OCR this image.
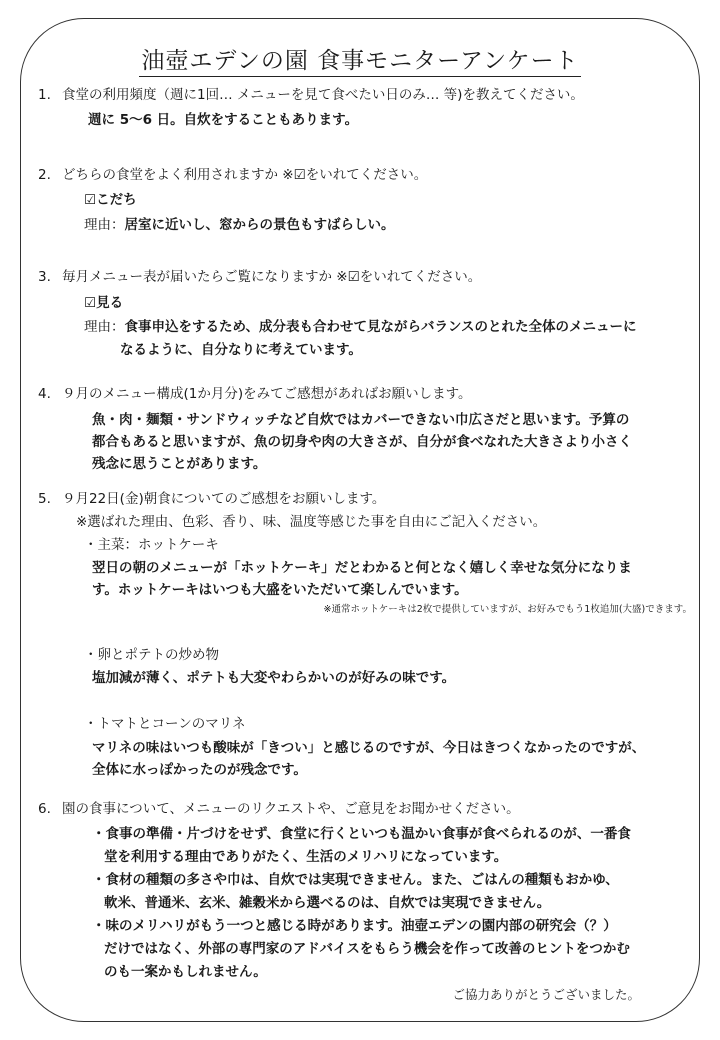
油壺エデンの園 食事モニターアンケート
1. 食堂の利用頻度（週に1回… メニューを見て食べたい日のみ… 等)を教えてください。
週に 5～6 日。自炊をすることもあります。
2. どちらの食堂をよく利用されますか ※☑をいれてください。
☑こだち
理由：居室に近いし、窓からの景色もすばらしい。
3. 毎月メニュー表が届いたらご覧になりますか ※☑をいれてください。
☑見る
理由：食事申込をするため、成分表も合わせて見ながらバランスのとれた全体のメニューに
なるように、自分なりに考えています。
4. ９月のメニュー構成(1か月分)をみてご感想があればお願いします。
魚・肉・麺類・サンドウィッチなど自炊ではカバーできない巾広さだと思います。予算の
都合もあると思いますが、魚の切身や肉の大きさが、自分が食べなれた大きさより小さく
残念に思うことがあります。
5. ９月22日(金)朝食についてのご感想をお願いします。
※選ばれた理由、色彩、香り、味、温度等感じた事を自由にご記入ください。
・主菜：ホットケーキ
翌日の朝のメニューが「ホットケーキ」だとわかると何となく嬉しく幸せな気分になりま
す。ホットケーキはいつも大盛をいただいて楽しんでいます。
※通常ホットケーキは2枚で提供していますが、お好みでもう1枚追加(大盛)できます。
・卵とポテトの炒め物
塩加減が薄く、ポテトも大変やわらかいのが好みの味です。
・トマトとコーンのマリネ
マリネの味はいつも酸味が「きつい」と感じるのですが、今日はきつくなかったのですが、
全体に水っぽかったのが残念です。
6. 園の食事について、メニューのリクエストや、ご意見をお聞かせください。
・食事の準備・片づけをせず、食堂に行くといつも温かい食事が食べられるのが、一番食
堂を利用する理由でありがたく、生活のメリハリになっています。
・食材の種類の多さや巾は、自炊では実現できません。また、ごはんの種類もおかゆ、
軟米、普通米、玄米、雑穀米から選べるのは、自炊では実現できません。
・味のメリハリがもう一つと感じる時があります。油壺エデンの園内部の研究会（？）
だけではなく、外部の専門家のアドバイスをもらう機会を作って改善のヒントをつかむ
のも一案かもしれません。
ご協力ありがとうございました。
